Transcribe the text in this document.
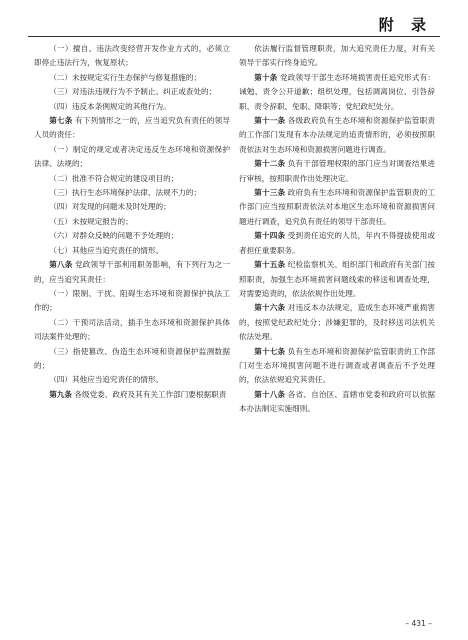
附 录

（一）擅自、违法改变经营开发作业方式的，必须立即停止违法行为，恢复原状；

（二）未按规定实行生态保护与修复措施的；

（三）对违法违规行为不予制止、纠正或查处的；

（四）违反本条例规定的其他行为。

第七条 有下列情形之一的，应当追究负有责任的领导人员的责任：

（一）制定的规定或者决定违反生态环境和资源保护法律、法规的；

（二）批准不符合规定的建设项目的；

（三）执行生态环境保护法律、法规不力的；

（四）对发现的问题未及时处理的；

（五）未按规定报告的；

（六）对群众反映的问题不予处理的；

（七）其他应当追究责任的情形。

第八条 党政领导干部利用职务影响，有下列行为之一的，应当追究其责任：

（一）限制、干扰、阻碍生态环境和资源保护执法工作的；

（二）干预司法活动，插手生态环境和资源保护具体司法案件处理的；

（三）指使篡改、伪造生态环境和资源保护监测数据的；

（四）其他应当追究责任的情形。

第九条 各级党委、政府及其有关工作部门要根据职责

依法履行监督管理职责，加大追究责任力度，对有关领导干部实行终身追究。

第十条 党政领导干部生态环境损害责任追究形式有：诫勉、责令公开道歉；组织处理，包括调离岗位、引咎辞职、责令辞职、免职、降职等；党纪政纪处分。

第十一条 各级政府负有生态环境和资源保护监管职责的工作部门发现有本办法规定的追责情形的，必须按照职责依法对生态环境和资源损害问题进行调查。

第十二条 负有干部管理权限的部门应当对调查结果进行审核，按照职责作出处理决定。

第十三条 政府负有生态环境和资源保护监管职责的工作部门应当按照职责依法对本地区生态环境和资源损害问题进行调查，追究负有责任的领导干部责任。

第十四条 受到责任追究的人员，年内不得提拔使用或者担任重要职务。

第十五条 纪检监察机关、组织部门和政府有关部门按照职责，加强生态环境损害问题线索的移送和调查处理，对需要追责的，依法依规作出处理。

第十六条 对违反本办法规定，造成生态环境严重损害的，按照党纪政纪处分；涉嫌犯罪的，及时移送司法机关依法处理。

第十七条 负有生态环境和资源保护监管职责的工作部门对生态环境损害问题不进行调查或者调查后不予处理的，依法依规追究其责任。

第十八条 各省、自治区、直辖市党委和政府可以依据本办法制定实施细则。

– 431 –
